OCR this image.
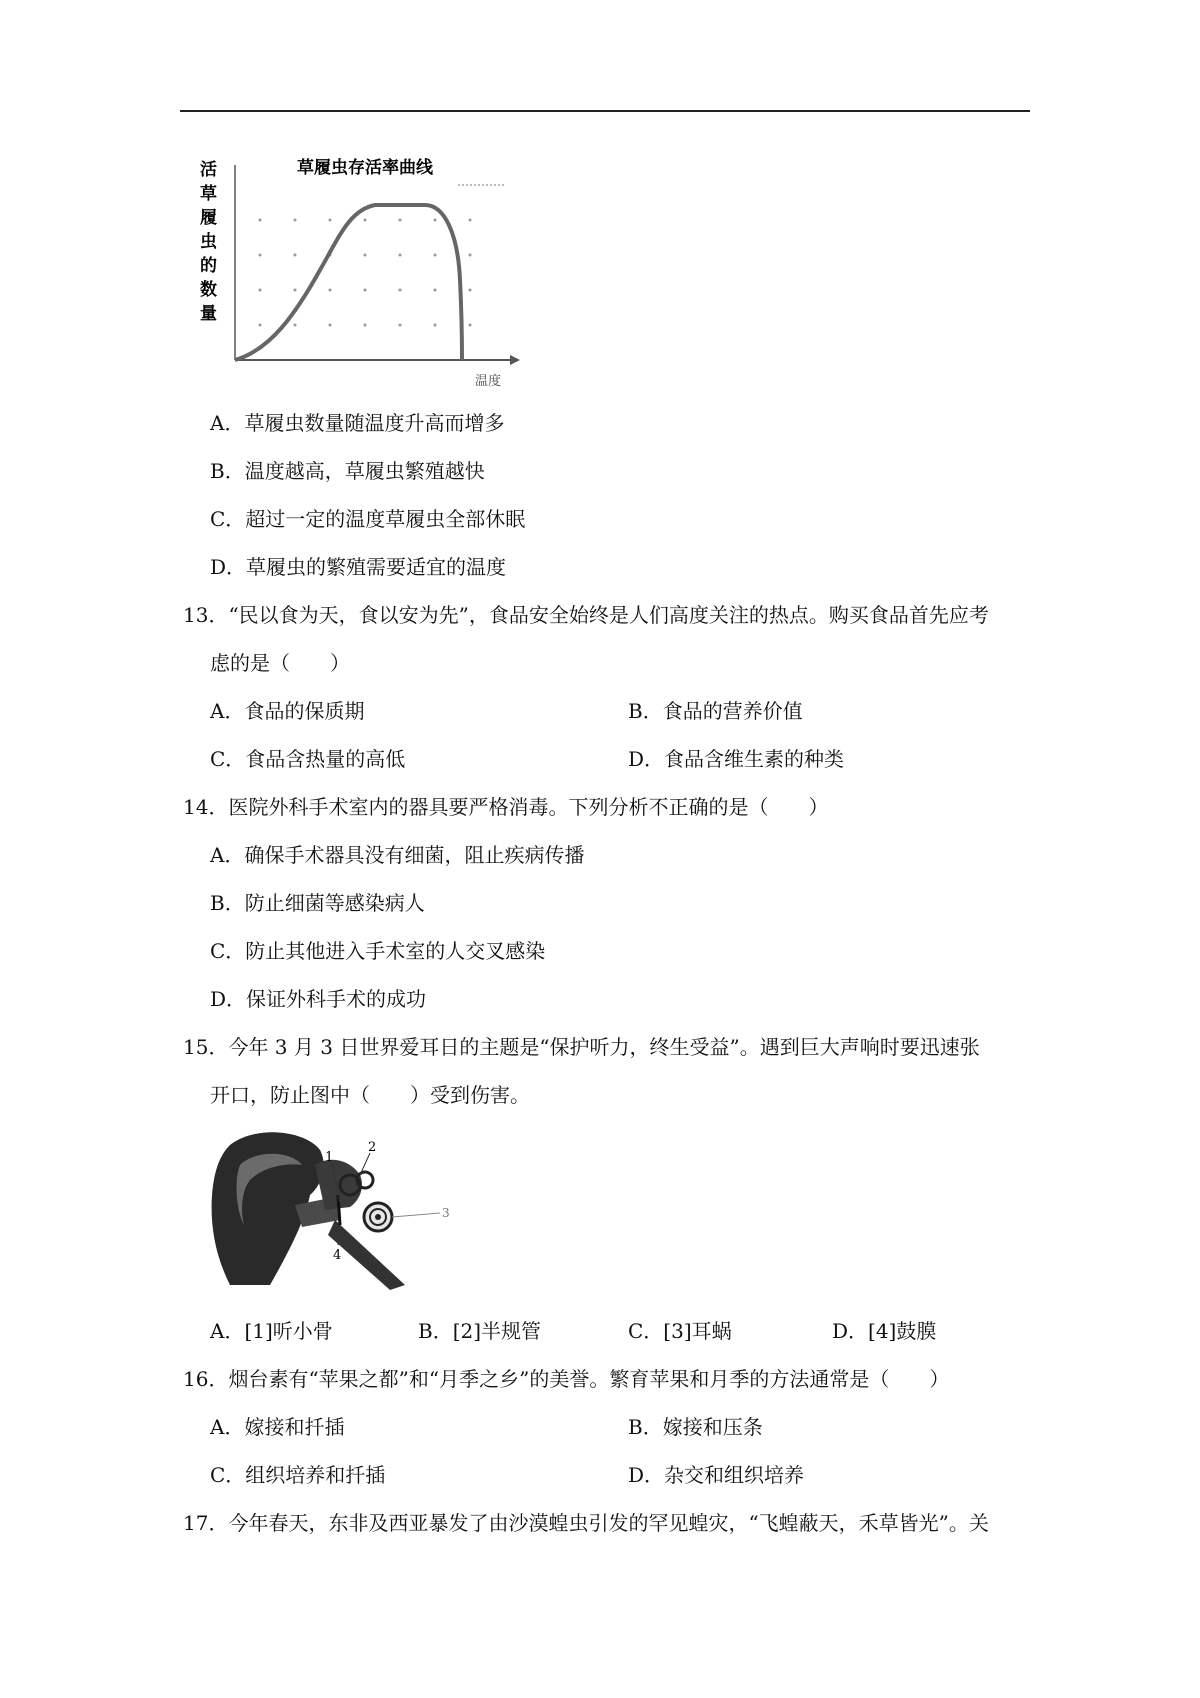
草履虫存活率曲线
活
草
履
虫
的
数
量
温度
A．草履虫数量随温度升高而增多
B．温度越高，草履虫繁殖越快
C．超过一定的温度草履虫全部休眠
D．草履虫的繁殖需要适宜的温度
13．“民以食为天，食以安为先”，食品安全始终是人们高度关注的热点。购买食品首先应考
虑的是（　　）
A．食品的保质期	B．食品的营养价值
C．食品含热量的高低	D．食品含维生素的种类
14．医院外科手术室内的器具要严格消毒。下列分析不正确的是（　　）
A．确保手术器具没有细菌，阻止疾病传播
B．防止细菌等感染病人
C．防止其他进入手术室的人交叉感染
D．保证外科手术的成功
15．今年 3 月 3 日世界爱耳日的主题是“保护听力，终生受益”。遇到巨大声响时要迅速张
开口，防止图中（　　）受到伤害。
1
2
3
4
A．[1]听小骨	B．[2]半规管	C．[3]耳蜗	D．[4]鼓膜
16．烟台素有“苹果之都”和“月季之乡”的美誉。繁育苹果和月季的方法通常是（　　）
A．嫁接和扦插	B．嫁接和压条
C．组织培养和扦插	D．杂交和组织培养
17．今年春天，东非及西亚暴发了由沙漠蝗虫引发的罕见蝗灾，“飞蝗蔽天，禾草皆光”。关
